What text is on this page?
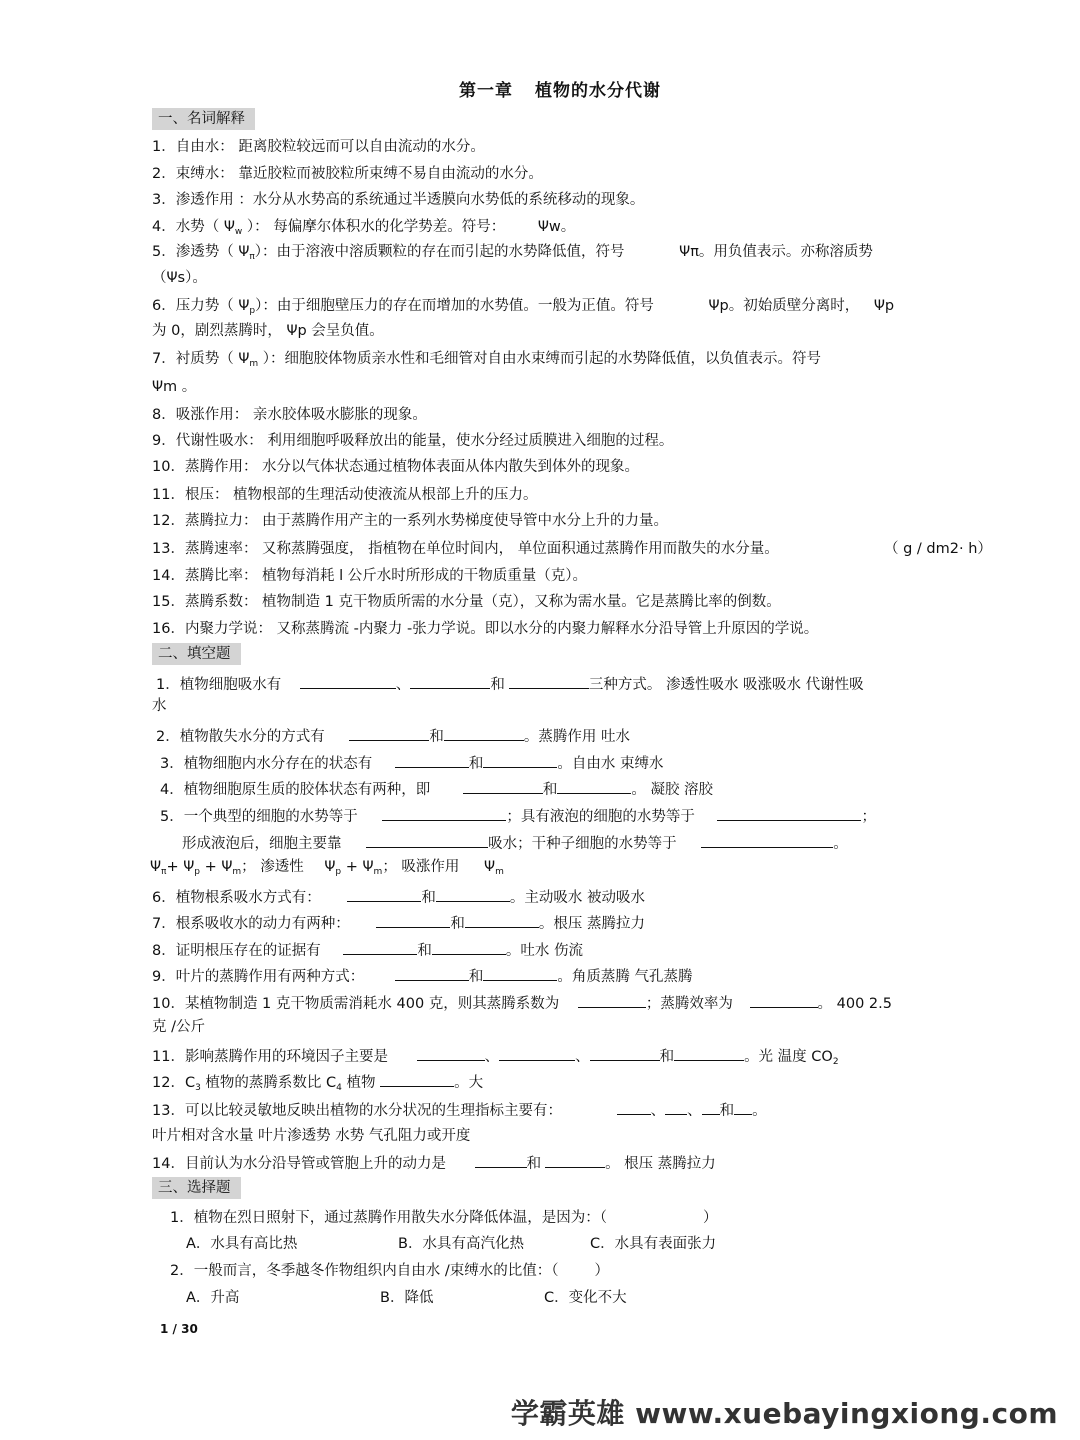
第一章 植物的水分代谢
一、名词解释
1．自由水： 距离胶粒较远而可以自由流动的水分。
2．束缚水： 靠近胶粒而被胶粒所束缚不易自由流动的水分。
3．渗透作用 ：水分从水势高的系统通过半透膜向水势低的系统移动的现象。
4．水势（ $\Psi_w$ ）： 每偏摩尔体积水的化学势差。符号： Ψw。
5．渗透势（ $\Psi_\pi$）：由于溶液中溶质颗粒的存在而引起的水势降低值，符号	Ψπ。用负值表示。亦称溶质势
（Ψs）。
6．压力势（ $\Psi_p$）：由于细胞壁压力的存在而增加的水势值。一般为正值。符号	Ψp。初始质壁分离时， Ψp
为 0，剧烈蒸腾时， Ψp 会呈负值。
7．衬质势（ $\Psi_m$ ）：细胞胶体物质亲水性和毛细管对自由水束缚而引起的水势降低值，以负值表示。符号
Ψm 。
8．吸涨作用： 亲水胶体吸水膨胀的现象。
9．代谢性吸水： 利用细胞呼吸释放出的能量，使水分经过质膜进入细胞的过程。
10．蒸腾作用： 水分以气体状态通过植物体表面从体内散失到体外的现象。
11．根压： 植物根部的生理活动使液流从根部上升的压力。
12．蒸腾拉力： 由于蒸腾作用产主的一系列水势梯度使导管中水分上升的力量。
13．蒸腾速率： 又称蒸腾强度， 指植物在单位时间内， 单位面积通过蒸腾作用而散失的水分量。	（ g / dm2· h）
14．蒸腾比率： 植物每消耗 l 公斤水时所形成的干物质重量（克）。
15．蒸腾系数： 植物制造 1 克干物质所需的水分量（克），又称为需水量。它是蒸腾比率的倒数。
16．内聚力学说： 又称蒸腾流 -内聚力 -张力学说。即以水分的内聚力解释水分沿导管上升原因的学说。
二、填空题
1．植物细胞吸水有	、	和	三种方式。 渗透性吸水 吸涨吸水 代谢性吸
水
2．植物散失水分的方式有	和	。蒸腾作用 吐水
3．植物细胞内水分存在的状态有	和	。自由水 束缚水
4．植物细胞原生质的胶体状态有两种，即	和	。 凝胶 溶胶
5．一个典型的细胞的水势等于	；具有液泡的细胞的水势等于	；
形成液泡后，细胞主要靠	吸水；干种子细胞的水势等于	。
$\Psi_\pi+ \Psi_p + \Psi_m$； 渗透性 $\Psi_p + \Psi_m$； 吸涨作用 $\Psi_m$
6．植物根系吸水方式有：	和	。主动吸水 被动吸水
7．根系吸收水的动力有两种：	和	。根压 蒸腾拉力
8．证明根压存在的证据有	和	。吐水 伤流
9．叶片的蒸腾作用有两种方式：	和	。角质蒸腾 气孔蒸腾
10．某植物制造 1 克干物质需消耗水 400 克，则其蒸腾系数为	；蒸腾效率为	。 400 2.5
克 /公斤
11．影响蒸腾作用的环境因子主要是	、	、	和	。光 温度 $CO_2$
12．$C_3$ 植物的蒸腾系数比 $C_4$ 植物	。大
13．可以比较灵敏地反映出植物的水分状况的生理指标主要有：	、 、 和 。
叶片相对含水量 叶片渗透势 水势 气孔阻力或开度
14．目前认为水分沿导管或管胞上升的动力是	和	。 根压 蒸腾拉力
三、选择题
1．植物在烈日照射下，通过蒸腾作用散失水分降低体温，是因为：（	）
A．水具有高比热	B．水具有高汽化热	C．水具有表面张力
2．一般而言，冬季越冬作物组织内自由水 /束缚水的比值：（ ）
A．升高	B．降低	C．变化不大
1 / 30
学霸英雄 www.xuebayingxiong.com
